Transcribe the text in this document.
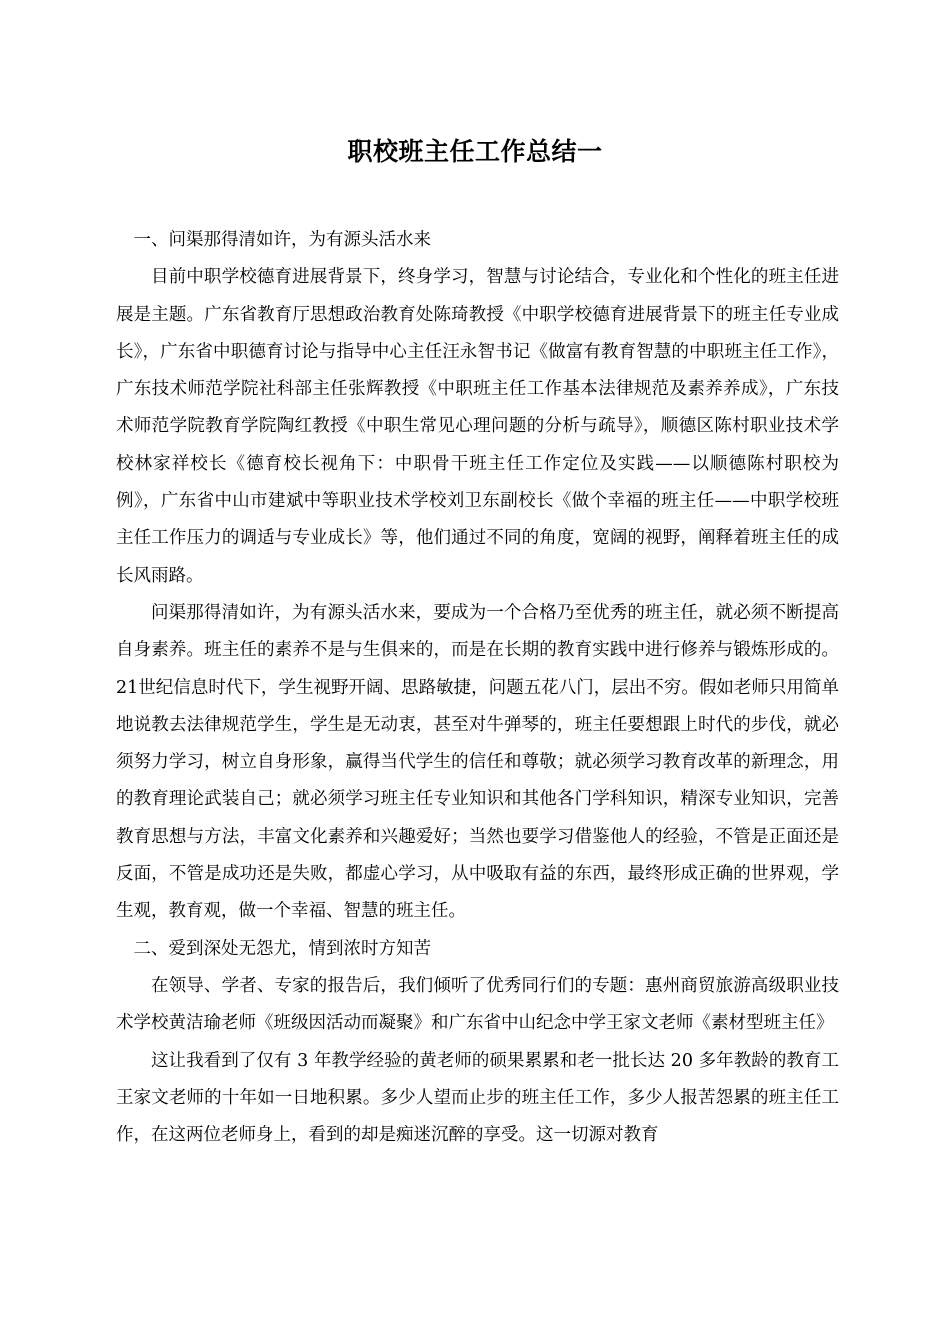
职校班主任工作总结一

一、问渠那得清如许，为有源头活水来

目前中职学校德育进展背景下，终身学习，智慧与讨论结合，专业化和个性化的班主任进展是主题。广东省教育厅思想政治教育处陈琦教授《中职学校德育进展背景下的班主任专业成长》，广东省中职德育讨论与指导中心主任汪永智书记《做富有教育智慧的中职班主任工作》，广东技术师范学院社科部主任张辉教授《中职班主任工作基本法律规范及素养养成》，广东技术师范学院教育学院陶红教授《中职生常见心理问题的分析与疏导》，顺德区陈村职业技术学校林家祥校长《德育校长视角下：中职骨干班主任工作定位及实践——以顺德陈村职校为例》，广东省中山市建斌中等职业技术学校刘卫东副校长《做个幸福的班主任——中职学校班主任工作压力的调适与专业成长》等，他们通过不同的角度，宽阔的视野，阐释着班主任的成长风雨路。

问渠那得清如许，为有源头活水来，要成为一个合格乃至优秀的班主任，就必须不断提高自身素养。班主任的素养不是与生俱来的，而是在长期的教育实践中进行修养与锻炼形成的。21世纪信息时代下，学生视野开阔、思路敏捷，问题五花八门，层出不穷。假如老师只用简单地说教去法律规范学生，学生是无动衷，甚至对牛弹琴的，班主任要想跟上时代的步伐，就必须努力学习，树立自身形象，赢得当代学生的信任和尊敬；就必须学习教育改革的新理念，用的教育理论武装自己；就必须学习班主任专业知识和其他各门学科知识，精深专业知识，完善教育思想与方法，丰富文化素养和兴趣爱好；当然也要学习借鉴他人的经验，不管是正面还是反面，不管是成功还是失败，都虚心学习，从中吸取有益的东西，最终形成正确的世界观，学生观，教育观，做一个幸福、智慧的班主任。

二、爱到深处无怨尤，情到浓时方知苦

在领导、学者、专家的报告后，我们倾听了优秀同行们的专题：惠州商贸旅游高级职业技术学校黄洁瑜老师《班级因活动而凝聚》和广东省中山纪念中学王家文老师《素材型班主任》

这让我看到了仅有 3 年教学经验的黄老师的硕果累累和老一批长达 20 多年教龄的教育工王家文老师的十年如一日地积累。多少人望而止步的班主任工作，多少人报苦怨累的班主任工作，在这两位老师身上，看到的却是痴迷沉醉的享受。这一切源对教育
